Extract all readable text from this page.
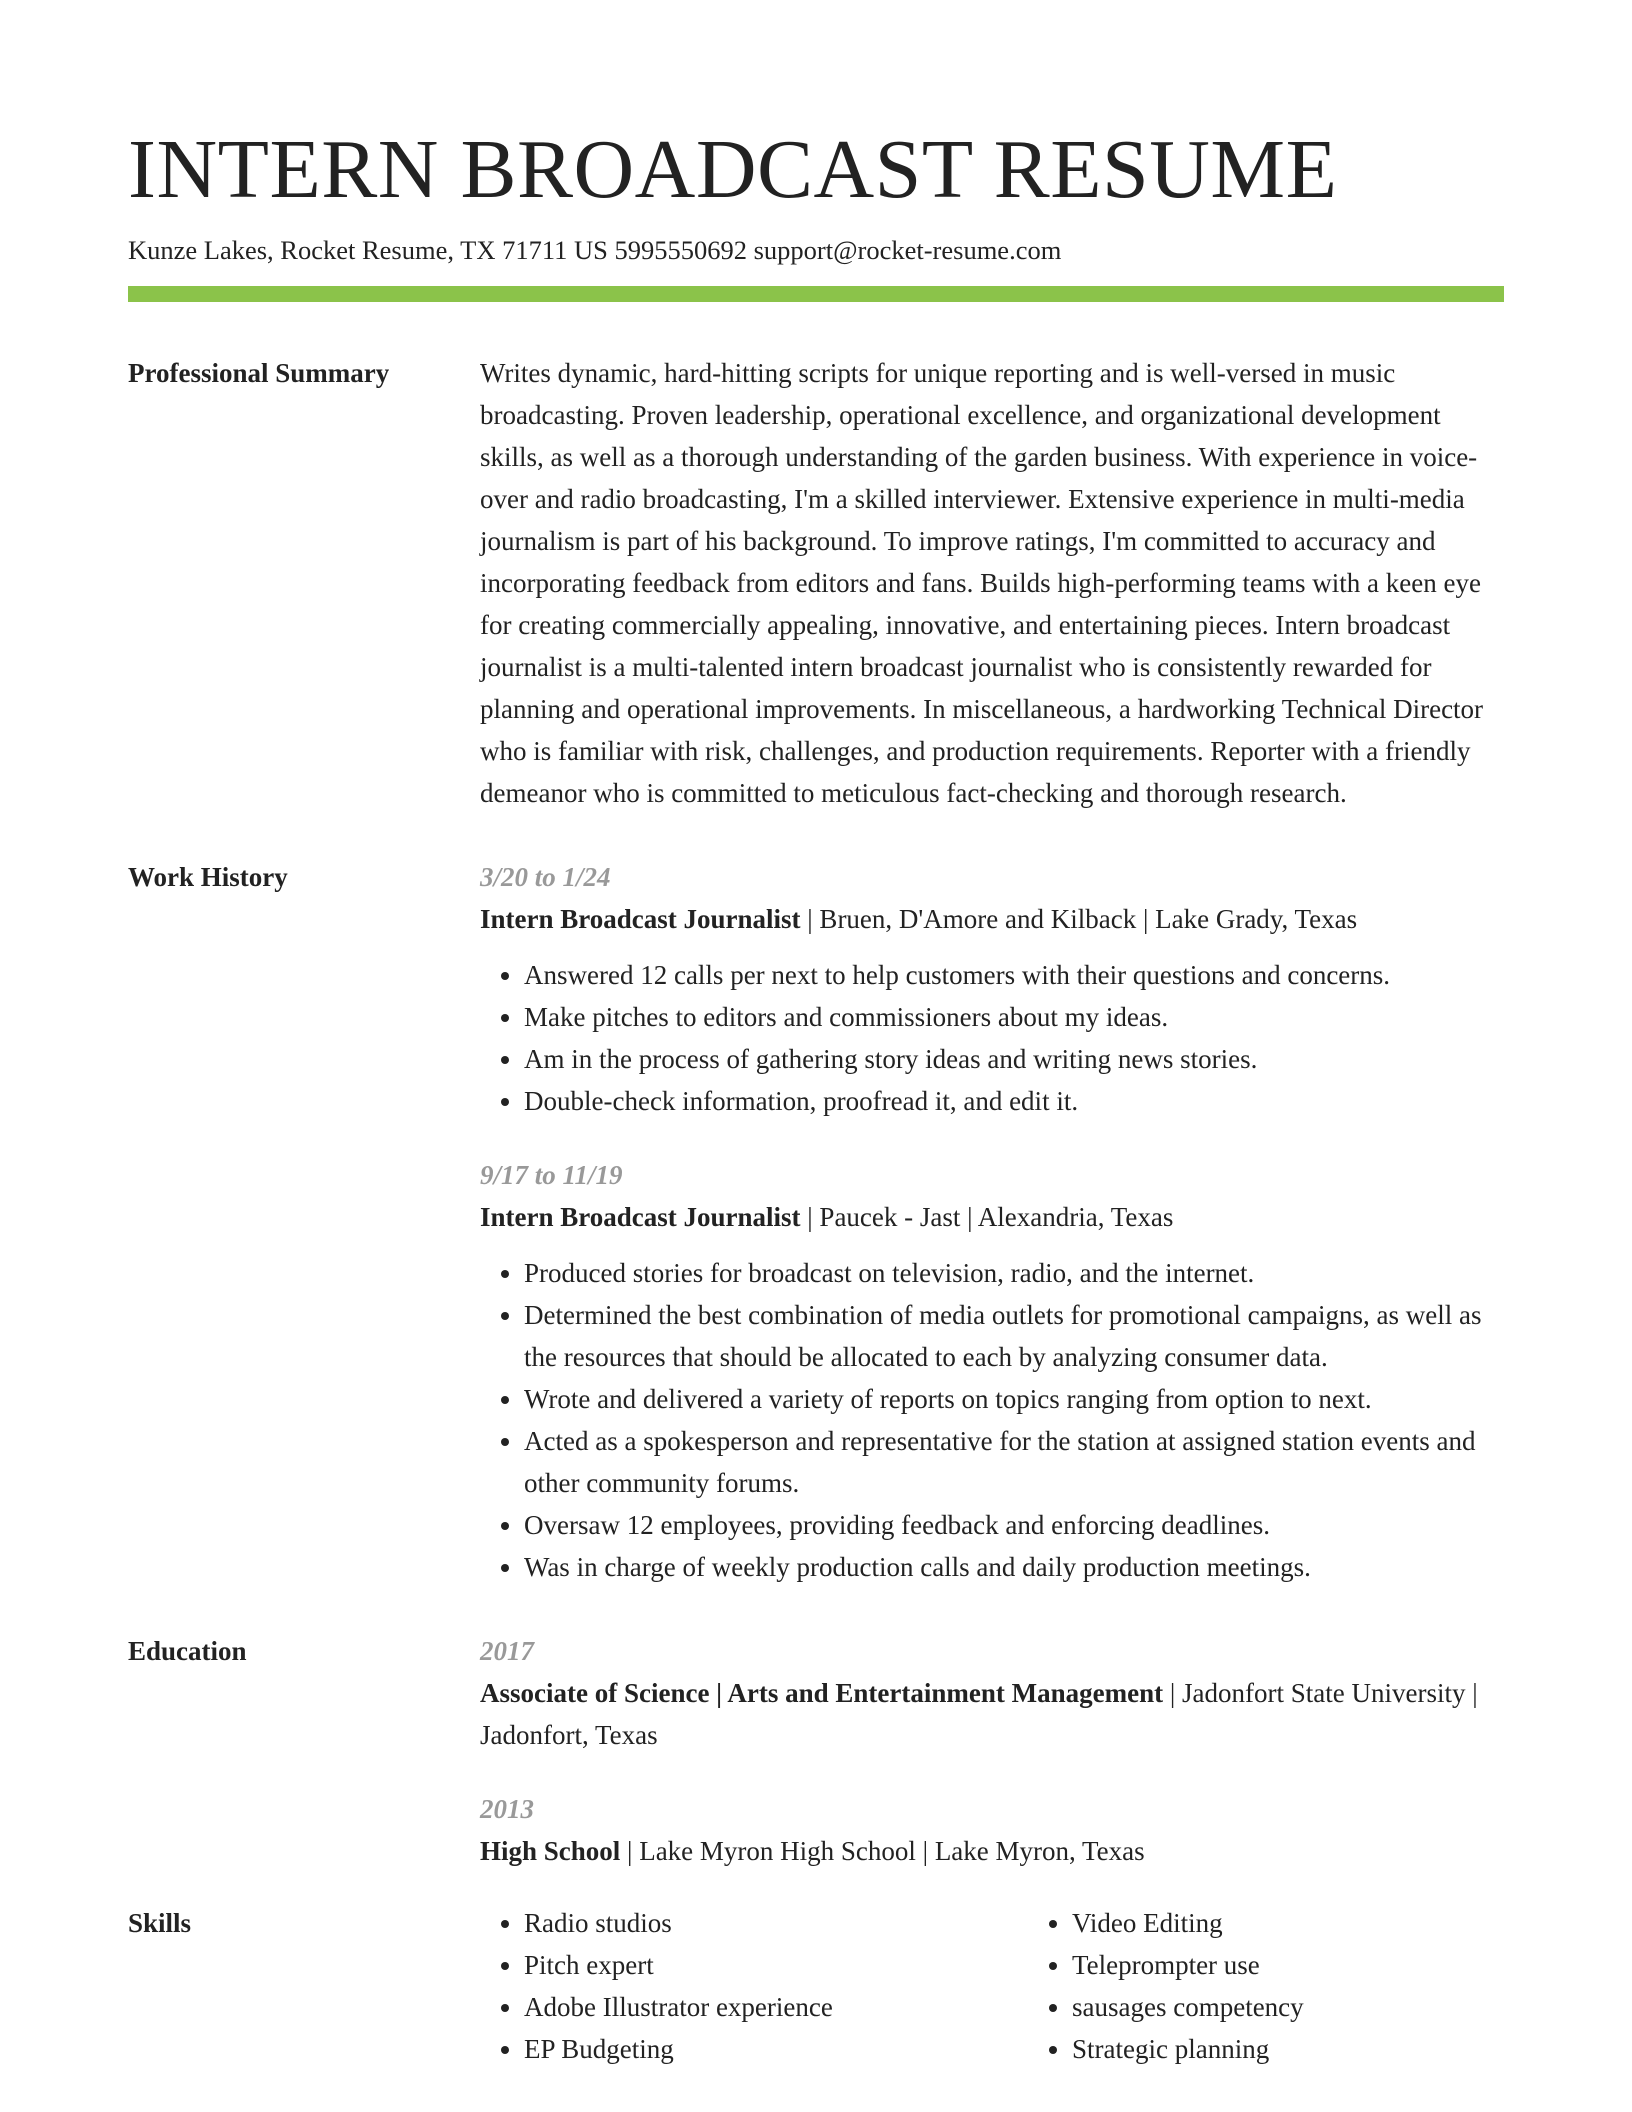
INTERN BROADCAST RESUME
Kunze Lakes, Rocket Resume, TX 71711 US 5995550692 support@rocket-resume.com
Professional Summary	Writes dynamic, hard-hitting scripts for unique reporting and is well-versed in music broadcasting. Proven leadership, operational excellence, and organizational development skills, as well as a thorough understanding of the garden business. With experience in voice-over and radio broadcasting, I'm a skilled interviewer. Extensive experience in multi-media journalism is part of his background. To improve ratings, I'm committed to accuracy and incorporating feedback from editors and fans. Builds high-performing teams with a keen eye for creating commercially appealing, innovative, and entertaining pieces. Intern broadcast journalist is a multi-talented intern broadcast journalist who is consistently rewarded for planning and operational improvements. In miscellaneous, a hardworking Technical Director who is familiar with risk, challenges, and production requirements. Reporter with a friendly demeanor who is committed to meticulous fact-checking and thorough research.
Work History	3/20 to 1/24
Intern Broadcast Journalist | Bruen, D'Amore and Kilback | Lake Grady, Texas
• Answered 12 calls per next to help customers with their questions and concerns.
• Make pitches to editors and commissioners about my ideas.
• Am in the process of gathering story ideas and writing news stories.
• Double-check information, proofread it, and edit it.
9/17 to 11/19
Intern Broadcast Journalist | Paucek - Jast | Alexandria, Texas
• Produced stories for broadcast on television, radio, and the internet.
• Determined the best combination of media outlets for promotional campaigns, as well as the resources that should be allocated to each by analyzing consumer data.
• Wrote and delivered a variety of reports on topics ranging from option to next.
• Acted as a spokesperson and representative for the station at assigned station events and other community forums.
• Oversaw 12 employees, providing feedback and enforcing deadlines.
• Was in charge of weekly production calls and daily production meetings.
Education	2017
Associate of Science | Arts and Entertainment Management | Jadonfort State University | Jadonfort, Texas
2013
High School | Lake Myron High School | Lake Myron, Texas
Skills
•	Radio studios
• Pitch expert
• Adobe Illustrator experience
• EP Budgeting
• Video Editing
• Teleprompter use
• sausages competency
• Strategic planning
